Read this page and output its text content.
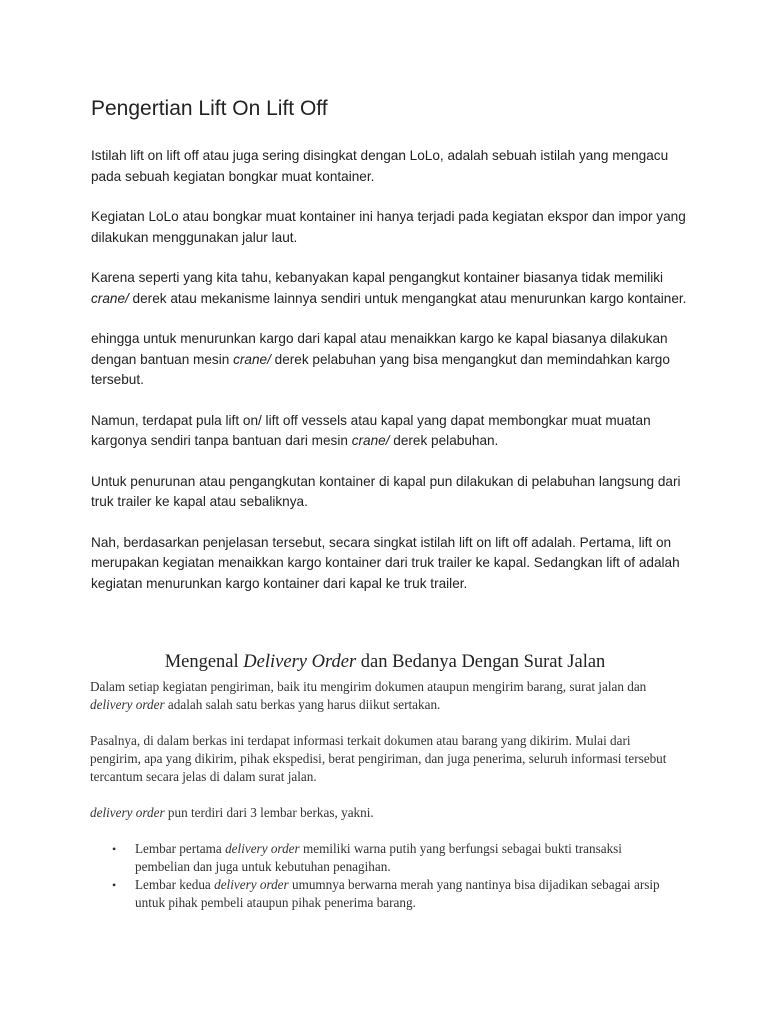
Pengertian Lift On Lift Off

Istilah lift on lift off atau juga sering disingkat dengan LoLo, adalah sebuah istilah yang mengacu pada sebuah kegiatan bongkar muat kontainer.

Kegiatan LoLo atau bongkar muat kontainer ini hanya terjadi pada kegiatan ekspor dan impor yang dilakukan menggunakan jalur laut.

Karena seperti yang kita tahu, kebanyakan kapal pengangkut kontainer biasanya tidak memiliki crane/ derek atau mekanisme lainnya sendiri untuk mengangkat atau menurunkan kargo kontainer.

ehingga untuk menurunkan kargo dari kapal atau menaikkan kargo ke kapal biasanya dilakukan dengan bantuan mesin crane/ derek pelabuhan yang bisa mengangkut dan memindahkan kargo tersebut.

Namun, terdapat pula lift on/ lift off vessels atau kapal yang dapat membongkar muat muatan kargonya sendiri tanpa bantuan dari mesin crane/ derek pelabuhan.

Untuk penurunan atau pengangkutan kontainer di kapal pun dilakukan di pelabuhan langsung dari truk trailer ke kapal atau sebaliknya.

Nah, berdasarkan penjelasan tersebut, secara singkat istilah lift on lift off adalah. Pertama, lift on merupakan kegiatan menaikkan kargo kontainer dari truk trailer ke kapal. Sedangkan lift of adalah kegiatan menurunkan kargo kontainer dari kapal ke truk trailer.

Mengenal Delivery Order dan Bedanya Dengan Surat Jalan

Dalam setiap kegiatan pengiriman, baik itu mengirim dokumen ataupun mengirim barang, surat jalan dan delivery order adalah salah satu berkas yang harus diikut sertakan.

Pasalnya, di dalam berkas ini terdapat informasi terkait dokumen atau barang yang dikirim. Mulai dari pengirim, apa yang dikirim, pihak ekspedisi, berat pengiriman, dan juga penerima, seluruh informasi tersebut tercantum secara jelas di dalam surat jalan.

delivery order pun terdiri dari 3 lembar berkas, yakni.

• Lembar pertama delivery order memiliki warna putih yang berfungsi sebagai bukti transaksi pembelian dan juga untuk kebutuhan penagihan.
• Lembar kedua delivery order umumnya berwarna merah yang nantinya bisa dijadikan sebagai arsip untuk pihak pembeli ataupun pihak penerima barang.
